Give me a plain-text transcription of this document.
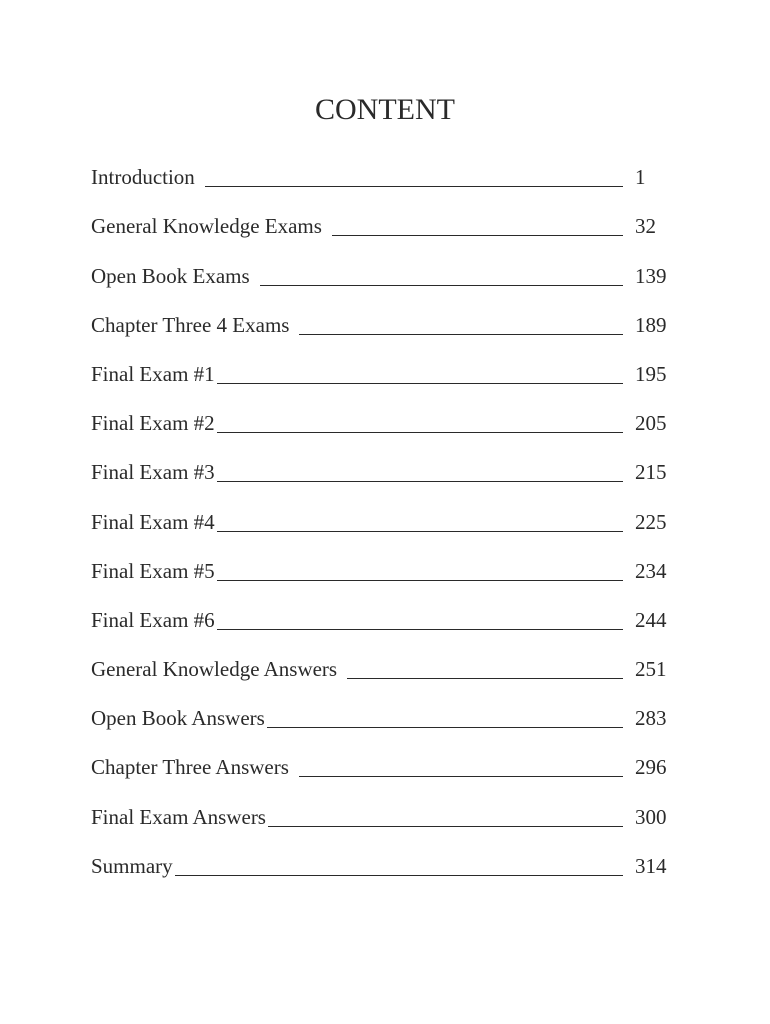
CONTENT
Introduction	1
General Knowledge Exams	32
Open Book Exams	139
Chapter Three 4 Exams	189
Final Exam #1	195
Final Exam #2	205
Final Exam #3	215
Final Exam #4	225
Final Exam #5	234
Final Exam #6	244
General Knowledge Answers	251
Open Book Answers	283
Chapter Three Answers	296
Final Exam Answers	300
Summary	314
